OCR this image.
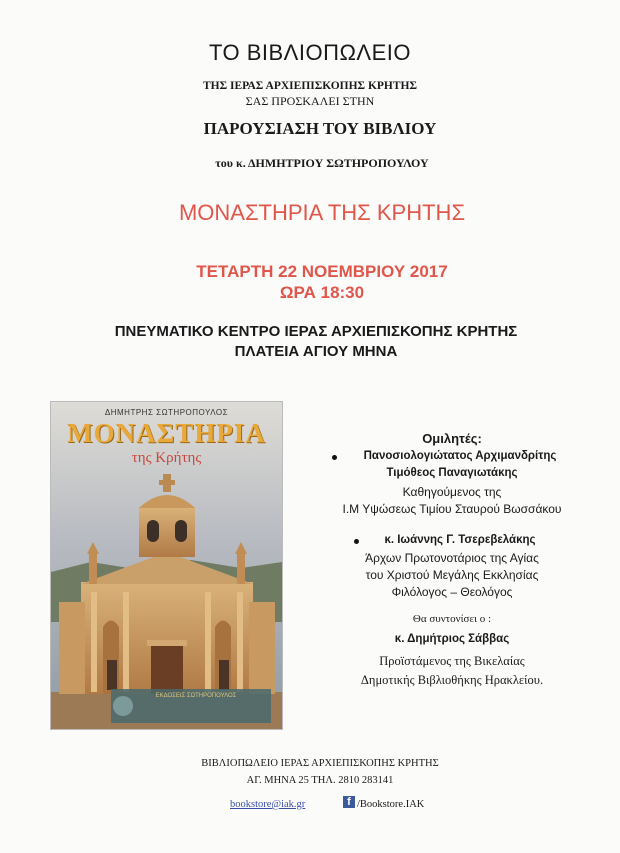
ΤΟ ΒΙΒΛΙΟΠΩΛΕΙΟ
ΤΗΣ ΙΕΡΑΣ ΑΡΧΙΕΠΙΣΚΟΠΗΣ ΚΡΗΤΗΣ
ΣΑΣ ΠΡΟΣΚΑΛΕΙ ΣΤΗΝ
ΠΑΡΟΥΣΙΑΣΗ ΤΟΥ ΒΙΒΛΙΟΥ
του κ. ΔΗΜΗΤΡΙΟΥ ΣΩΤΗΡΟΠΟΥΛΟΥ
ΜΟΝΑΣΤΗΡΙΑ ΤΗΣ ΚΡΗΤΗΣ
ΤΕΤΑΡΤΗ 22 ΝΟΕΜΒΡΙΟΥ 2017
ΩΡΑ 18:30
ΠΝΕΥΜΑΤΙΚΟ ΚΕΝΤΡΟ ΙΕΡΑΣ ΑΡΧΙΕΠΙΣΚΟΠΗΣ ΚΡΗΤΗΣ
ΠΛΑΤΕΙΑ ΑΓΙΟΥ ΜΗΝΑ
ΔΗΜΗΤΡΗΣ ΣΩΤΗΡΟΠΟΥΛΟΣ
ΜΟΝΑΣΤΗΡΙΑ
της Κρήτης
ΕΚΔΟΣΕΙΣ ΣΩΤΗΡΟΠΟΥΛΟΣ
Ομιλητές:
Πανοσιολογιώτατος Αρχιμανδρίτης
Τιμόθεος Παναγιωτάκης
Καθηγούμενος της
Ι.Μ Υψώσεως Τιμίου Σταυρού Βωσσάκου
κ. Ιωάννης Γ. Τσερεβελάκης
Άρχων Πρωτονοτάριος της Αγίας
του Χριστού Μεγάλης Εκκλησίας
Φιλόλογος – Θεολόγος
Θα συντονίσει ο :
κ. Δημήτριος Σάββας
Προϊστάμενος της Βικελαίας
Δημοτικής Βιβλιοθήκης Ηρακλείου.
ΒΙΒΛΙΟΠΩΛΕΙΟ ΙΕΡΑΣ ΑΡΧΙΕΠΙΣΚΟΠΗΣ ΚΡΗΤΗΣ
ΑΓ. ΜΗΝΑ 25 ΤΗΛ. 2810 283141
bookstore@iak.gr	f /Bookstore.IAK
